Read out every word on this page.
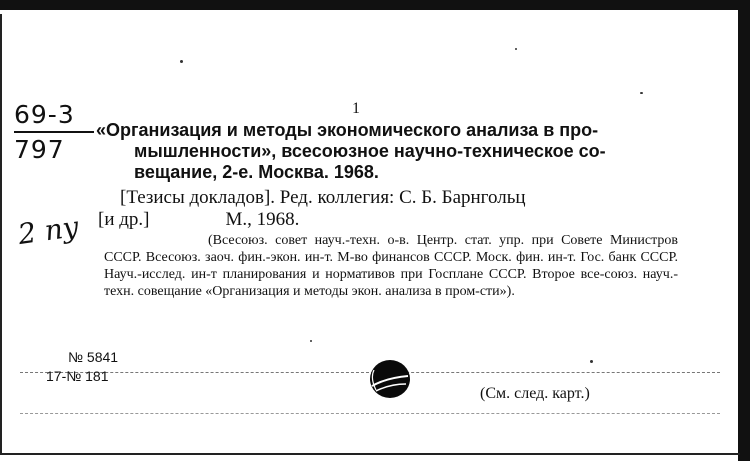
69-3
797
2 пу
1
«Организация и методы экономического анализа в про-
мышленности», всесоюзное научно-техническое со-
вещание, 2-е. Москва. 1968.
[Тезисы докладов]. Ред. коллегия: С. Б. Барнгольц
[и др.]                М., 1968.
(Всесоюз. совет науч.-техн. о-в. Центр. стат. упр. при Совете Министров СССР. Всесоюз. заоч. фин.-экон. ин-т. М-во финансов СССР. Моск. фин. ин-т. Гос. банк СССР. Науч.-исслед. ин-т планирования и нормативов при Госплане СССР. Второе все-союз. науч.-техн. совещание «Организация и методы экон. анализа в пром-сти»).
№ 5841
17-№ 181
(См. след. карт.)
